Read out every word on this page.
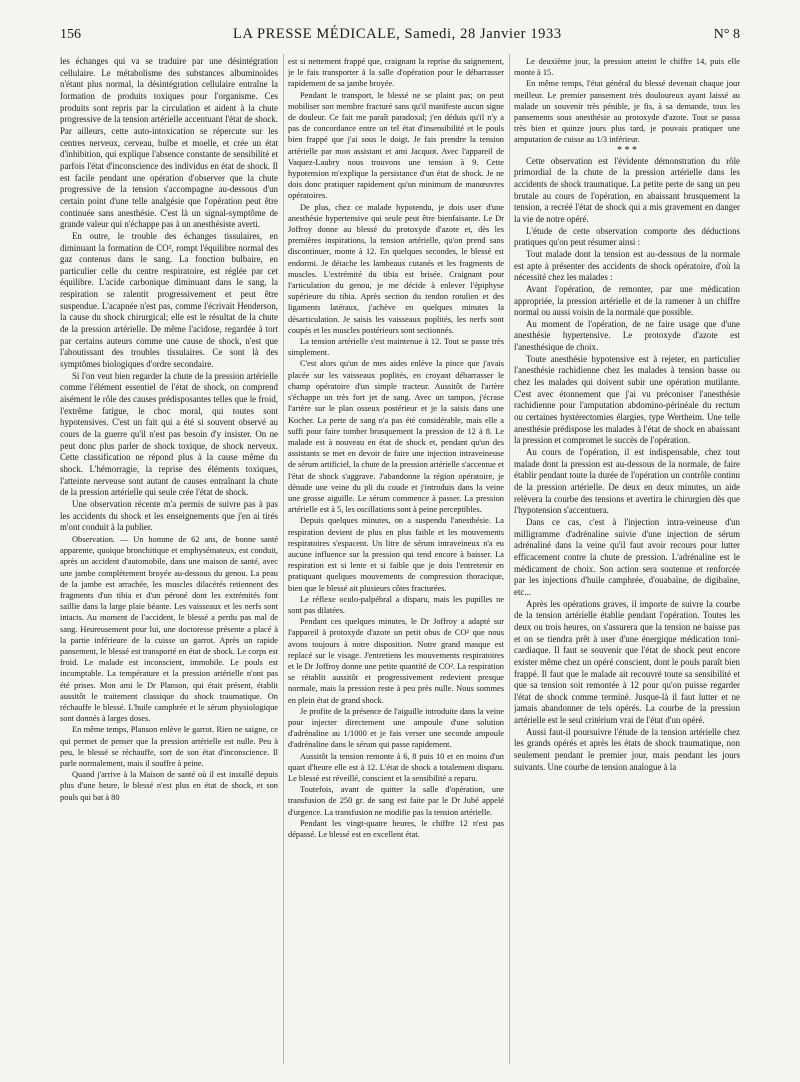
156	LA PRESSE MÉDICALE, Samedi, 28 Janvier 1933	N° 8

les échanges qui va se traduire par une désintégration cellulaire. Le métabolisme des substances albuminoïdes n'étant plus normal, la désintégration cellulaire entraîne la formation de produits toxiques pour l'organisme. Ces produits sont repris par la circulation et aident à la chute progressive de la tension artérielle accentuant l'état de shock. Par ailleurs, cette auto-intoxication se répercute sur les centres nerveux, cerveau, bulbe et moelle, et crée un état d'inhibition, qui explique l'absence constante de sensibilité et parfois l'état d'inconscience des individus en état de shock. Il est facile pendant une opération d'observer que la chute progressive de la tension s'accompagne au-dessous d'un certain point d'une telle analgésie que l'opération peut être continuée sans anesthésie. C'est là un signal-symptôme de grande valeur qui n'échappe pas à un anesthésiste averti.

En outre, le trouble des échanges tissulaires, en diminuant la formation de CO², rompt l'équilibre normal des gaz contenus dans le sang. La fonction bulbaire, en particulier celle du centre respiratoire, est réglée par cet équilibre. L'acide carbonique diminuant dans le sang, la respiration se ralentit progressivement et peut être suspendue. L'acapnée n'est pas, comme l'écrivait Henderson, la cause du shock chirurgical; elle est le résultat de la chute de la pression artérielle. De même l'acidose, regardée à tort par certains auteurs comme une cause de shock, n'est que l'aboutissant des troubles tissulaires. Ce sont là des symptômes biologiques d'ordre secondaire.

Si l'on veut bien regarder la chute de la pression artérielle comme l'élément essentiel de l'état de shock, on comprend aisément le rôle des causes prédisposantes telles que le froid, l'extrême fatigue, le choc moral, qui toutes sont hypotensives. C'est un fait qui a été si souvent observé au cours de la guerre qu'il n'est pas besoin d'y insister. On ne peut donc plus parler de shock toxique, de shock nerveux. Cette classification ne répond plus à la cause même du shock. L'hémorragie, la reprise des éléments toxiques, l'atteinte nerveuse sont autant de causes entraînant la chute de la pression artérielle qui seule crée l'état de shock.

Une observation récente m'a permis de suivre pas à pas les accidents du shock et les enseignements que j'en ai tirés m'ont conduit à la publier.

Observation. — Un homme de 62 ans, de bonne santé apparente, quoique bronchitique et emphysémateux, est conduit, après un accident d'automobile, dans une maison de santé, avec une jambe complètement broyée au-dessous du genou. La peau de la jambe est arrachée, les muscles dilacérés retiennent des fragments d'un tibia et d'un péroné dont les extrémités font saillie dans la large plaie béante. Les vaisseaux et les nerfs sont intacts. Au moment de l'accident, le blessé a perdu pas mal de sang. Heureusement pour lui, une doctoresse présente a placé à la partie inférieure de la cuisse un garrot. Après un rapide pansement, le blessé est transporté en état de shock. Le corps est froid. Le malade est inconscient, immobile. Le pouls est incomptable. La température et la pression artérielle n'ont pas été prises. Mon ami le Dr Planson, qui était présent, établit aussitôt le traitement classique du shock traumatique. On réchauffe le blessé. L'huile camphrée et le sérum physiologique sont donnés à larges doses.

En même temps, Planson enlève le garrot. Rien ne saigne, ce qui permet de penser que la pression artérielle est nulle. Peu à peu, le blessé se réchauffe, sort de son état d'inconscience. Il parle normalement, mais il souffre à peine.

Quand j'arrive à la Maison de santé où il est installé depuis plus d'une heure, le blessé n'est plus en état de shock, et son pouls qui bat à 80

est si nettement frappé que, craignant la reprise du saignement, je le fais transporter à la salle d'opération pour le débarrasser rapidement de sa jambe broyée.

Pendant le transport, le blessé ne se plaint pas; on peut mobiliser son membre fracturé sans qu'il manifeste aucun signe de douleur. Ce fait me paraît paradoxal; j'en déduis qu'il n'y a pas de concordance entre un tel état d'insensibilité et le pouls bien frappé que j'ai sous le doigt. Je fais prendre la tension artérielle par mon assistant et ami Jacquot. Avec l'appareil de Vaquez-Laubry nous trouvons une tension à 9. Cette hypotension m'explique la persistance d'un état de shock. Je ne dois donc pratiquer rapidement qu'un minimum de manœuvres opératoires.

De plus, chez ce malade hypotendu, je dois user d'une anesthésie hypertensive qui seule peut être bienfaisante. Le Dr Joffroy donne au blessé du protoxyde d'azote et, dès les premières inspirations, la tension artérielle, qu'on prend sans discontinuer, monte à 12. En quelques secondes, le blessé est endormi. Je détache les lambeaux cutanés et les fragments de muscles. L'extrémité du tibia est brisée. Craignant pour l'articulation du genou, je me décide à enlever l'épiphyse supérieure du tibia. Après section du tendon rotulien et des ligaments latéraux, j'achève en quelques minutes la désarticulation. Je saisis les vaisseaux poplités, les nerfs sont coupés et les muscles postérieurs sont sectionnés.

La tension artérielle s'est maintenue à 12. Tout se passe très simplement.

C'est alors qu'un de mes aides enlève la pince que j'avais placée sur les vaisseaux poplités, en croyant débarrasser le champ opératoire d'un simple tracteur. Aussitôt de l'artère s'échappe un très fort jet de sang. Avec un tampon, j'écrase l'artère sur le plan osseux postérieur et je la saisis dans une Kocher. La perte de sang n'a pas été considérable, mais elle a suffi pour faire tomber brusquement la pression de 12 à 8. Le malade est à nouveau en état de shock et, pendant qu'un des assistants se met en devoir de faire une injection intraveineuse de sérum artificiel, la chute de la pression artérielle s'accentue et l'état de shock s'aggrave. J'abandonne la région opératoire, je dénude une veine du pli du coude et j'introduis dans la veine une grosse aiguille. Le sérum commence à passer. La pression artérielle est à 5, les oscillations sont à peine perceptibles.

Depuis quelques minutes, on a suspendu l'anesthésie. La respiration devient de plus en plus faible et les mouvements respiratoires s'espacent. Un litre de sérum intraveineux n'a eu aucune influence sur la pression qui tend encore à baisser. La respiration est si lente et si faible que je dois l'entretenir en pratiquant quelques mouvements de compression thoracique, bien que le blessé ait plusieurs côtes fracturées.

Le réflexe oculo-palpébral a disparu, mais les pupilles ne sont pas dilatées.

Pendant ces quelques minutes, le Dr Joffroy a adapté sur l'appareil à protoxyde d'azote un petit obus de CO² que nous avons toujours à notre disposition. Notre grand masque est replacé sur le visage. J'entretiens les mouvements respiratoires et le Dr Joffroy donne une petite quantité de CO². La respiration se rétablit aussitôt et progressivement redevient presque normale, mais la pression reste à peu près nulle. Nous sommes en plein état de grand shock.

Je profite de la présence de l'aiguille introduite dans la veine pour injecter directement une ampoule d'une solution d'adrénaline au 1/1000 et je fais verser une seconde ampoule d'adrénaline dans le sérum qui passe rapidement.

Aussitôt la tension remonte à 6, 8 puis 10 et en moins d'un quart d'heure elle est à 12. L'état de shock a totalement disparu. Le blessé est réveillé, conscient et la sensibilité a reparu.

Toutefois, avant de quitter la salle d'opération, une transfusion de 250 gr. de sang est faite par le Dr Jubé appelé d'urgence. La transfusion ne modifie pas la tension artérielle.

Pendant les vingt-quatre heures, le chiffre 12 n'est pas dépassé. Le blessé est en excellent état.

Le deuxième jour, la pression atteint le chiffre 14, puis elle monte à 15.

En même temps, l'état général du blessé devenait chaque jour meilleur. Le premier pansement très douloureux ayant laissé au malade un souvenir très pénible, je fis, à sa demande, tous les pansements sous anesthésie au protoxyde d'azote. Tout se passa très bien et quinze jours plus tard, je pouvais pratiquer une amputation de cuisse au 1/3 inférieur.

* * *

Cette observation est l'évidente démonstration du rôle primordial de la chute de la pression artérielle dans les accidents de shock traumatique. La petite perte de sang un peu brutale au cours de l'opération, en abaissant brusquement la tension, a recréé l'état de shock qui a mis gravement en danger la vie de notre opéré.

L'étude de cette observation comporte des déductions pratiques qu'on peut résumer ainsi :

Tout malade dont la tension est au-dessous de la normale est apte à présenter des accidents de shock opératoire, d'où la nécessité chez les malades :

Avant l'opération, de remonter, par une médication appropriée, la pression artérielle et de la ramener à un chiffre normal ou aussi voisin de la normale que possible.

Au moment de l'opération, de ne faire usage que d'une anesthésie hypertensive. Le protoxyde d'azote est l'anesthésique de choix.

Toute anesthésie hypotensive est à rejeter, en particulier l'anesthésie rachidienne chez les malades à tension basse ou chez les malades qui doivent subir une opération mutilante. C'est avec étonnement que j'ai vu préconiser l'anesthésie rachidienne pour l'amputation abdomino-périnéale du rectum ou certaines hystérectomies élargies, type Wertheim. Une telle anesthésie prédispose les malades à l'état de shock en abaissant la pression et compromet le succès de l'opération.

Au cours de l'opération, il est indispensable, chez tout malade dont la pression est au-dessous de la normale, de faire établir pendant toute la durée de l'opération un contrôle continu de la pression artérielle. De deux en deux minutes, un aide relèvera la courbe des tensions et avertira le chirurgien dès que l'hypotension s'accentuera.

Dans ce cas, c'est à l'injection intra-veineuse d'un milligramme d'adrénaline suivie d'une injection de sérum adrénaliné dans la veine qu'il faut avoir recours pour lutter efficacement contre la chute de pression. L'adrénaline est le médicament de choix. Son action sera soutenue et renforcée par les injections d'huile camphrée, d'ouabaïne, de digibaïne, etc...

Après les opérations graves, il importe de suivre la courbe de la tension artérielle établie pendant l'opération. Toutes les deux ou trois heures, on s'assurera que la tension ne baisse pas et on se tiendra prêt à user d'une énergique médication toni-cardiaque. Il faut se souvenir que l'état de shock peut encore exister même chez un opéré conscient, dont le pouls paraît bien frappé. Il faut que le malade ait recouvré toute sa sensibilité et que sa tension soit remontée à 12 pour qu'on puisse regarder l'état de shock comme terminé. Jusque-là il faut lutter et ne jamais abandonner de tels opérés. La courbe de la pression artérielle est le seul critérium vrai de l'état d'un opéré.

Aussi faut-il poursuivre l'étude de la tension artérielle chez les grands opérés et après les états de shock traumatique, non seulement pendant le premier jour, mais pendant les jours suivants. Une courbe de tension analogue à la
